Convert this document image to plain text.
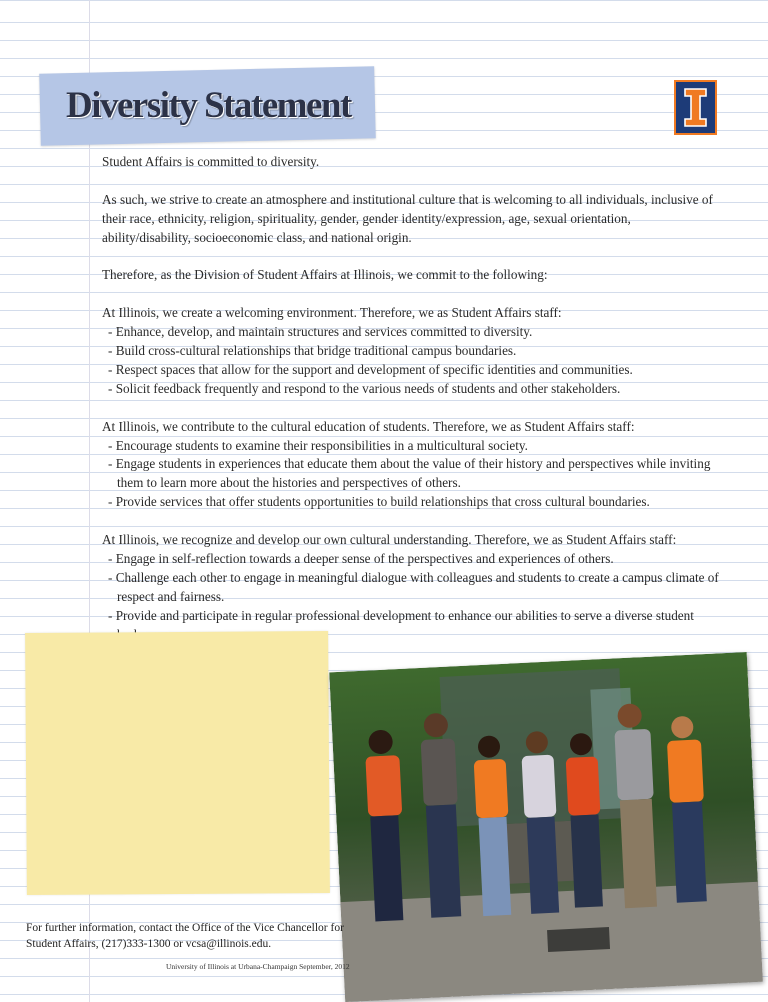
Diversity Statement

Student Affairs is committed to diversity.

As such, we strive to create an atmosphere and institutional culture that is welcoming to all individuals, inclusive of their race, ethnicity, religion, spirituality, gender, gender identity/expression, age, sexual orientation, ability/disability, socioeconomic class, and national origin.

Therefore, as the Division of Student Affairs at Illinois, we commit to the following:

At Illinois, we create a welcoming environment. Therefore, we as Student Affairs staff:

- Enhance, develop, and maintain structures and services committed to diversity.

- Build cross-cultural relationships that bridge traditional campus boundaries.

- Respect spaces that allow for the support and development of specific identities and communities.

- Solicit feedback frequently and respond to the various needs of students and other stakeholders.

At Illinois, we contribute to the cultural education of students. Therefore, we as Student Affairs staff:

- Encourage students to examine their responsibilities in a multicultural society.

- Engage students in experiences that educate them about the value of their history and perspectives while inviting them to learn more about the histories and perspectives of others.

- Provide services that offer students opportunities to build relationships that cross cultural boundaries.

At Illinois, we recognize and develop our own cultural understanding. Therefore, we as Student Affairs staff:

- Engage in self-reflection towards a deeper sense of the perspectives and experiences of others.

- Challenge each other to engage in meaningful dialogue with colleagues and students to create a campus climate of respect and fairness.

- Provide and participate in regular professional development to enhance our abilities to serve a diverse student

For further information, contact the Office of the Vice Chancellor for Student Affairs, (217)333-1300 or vcsa@illinois.edu.
University of Illinois at Urbana-Champaign September, 2012
